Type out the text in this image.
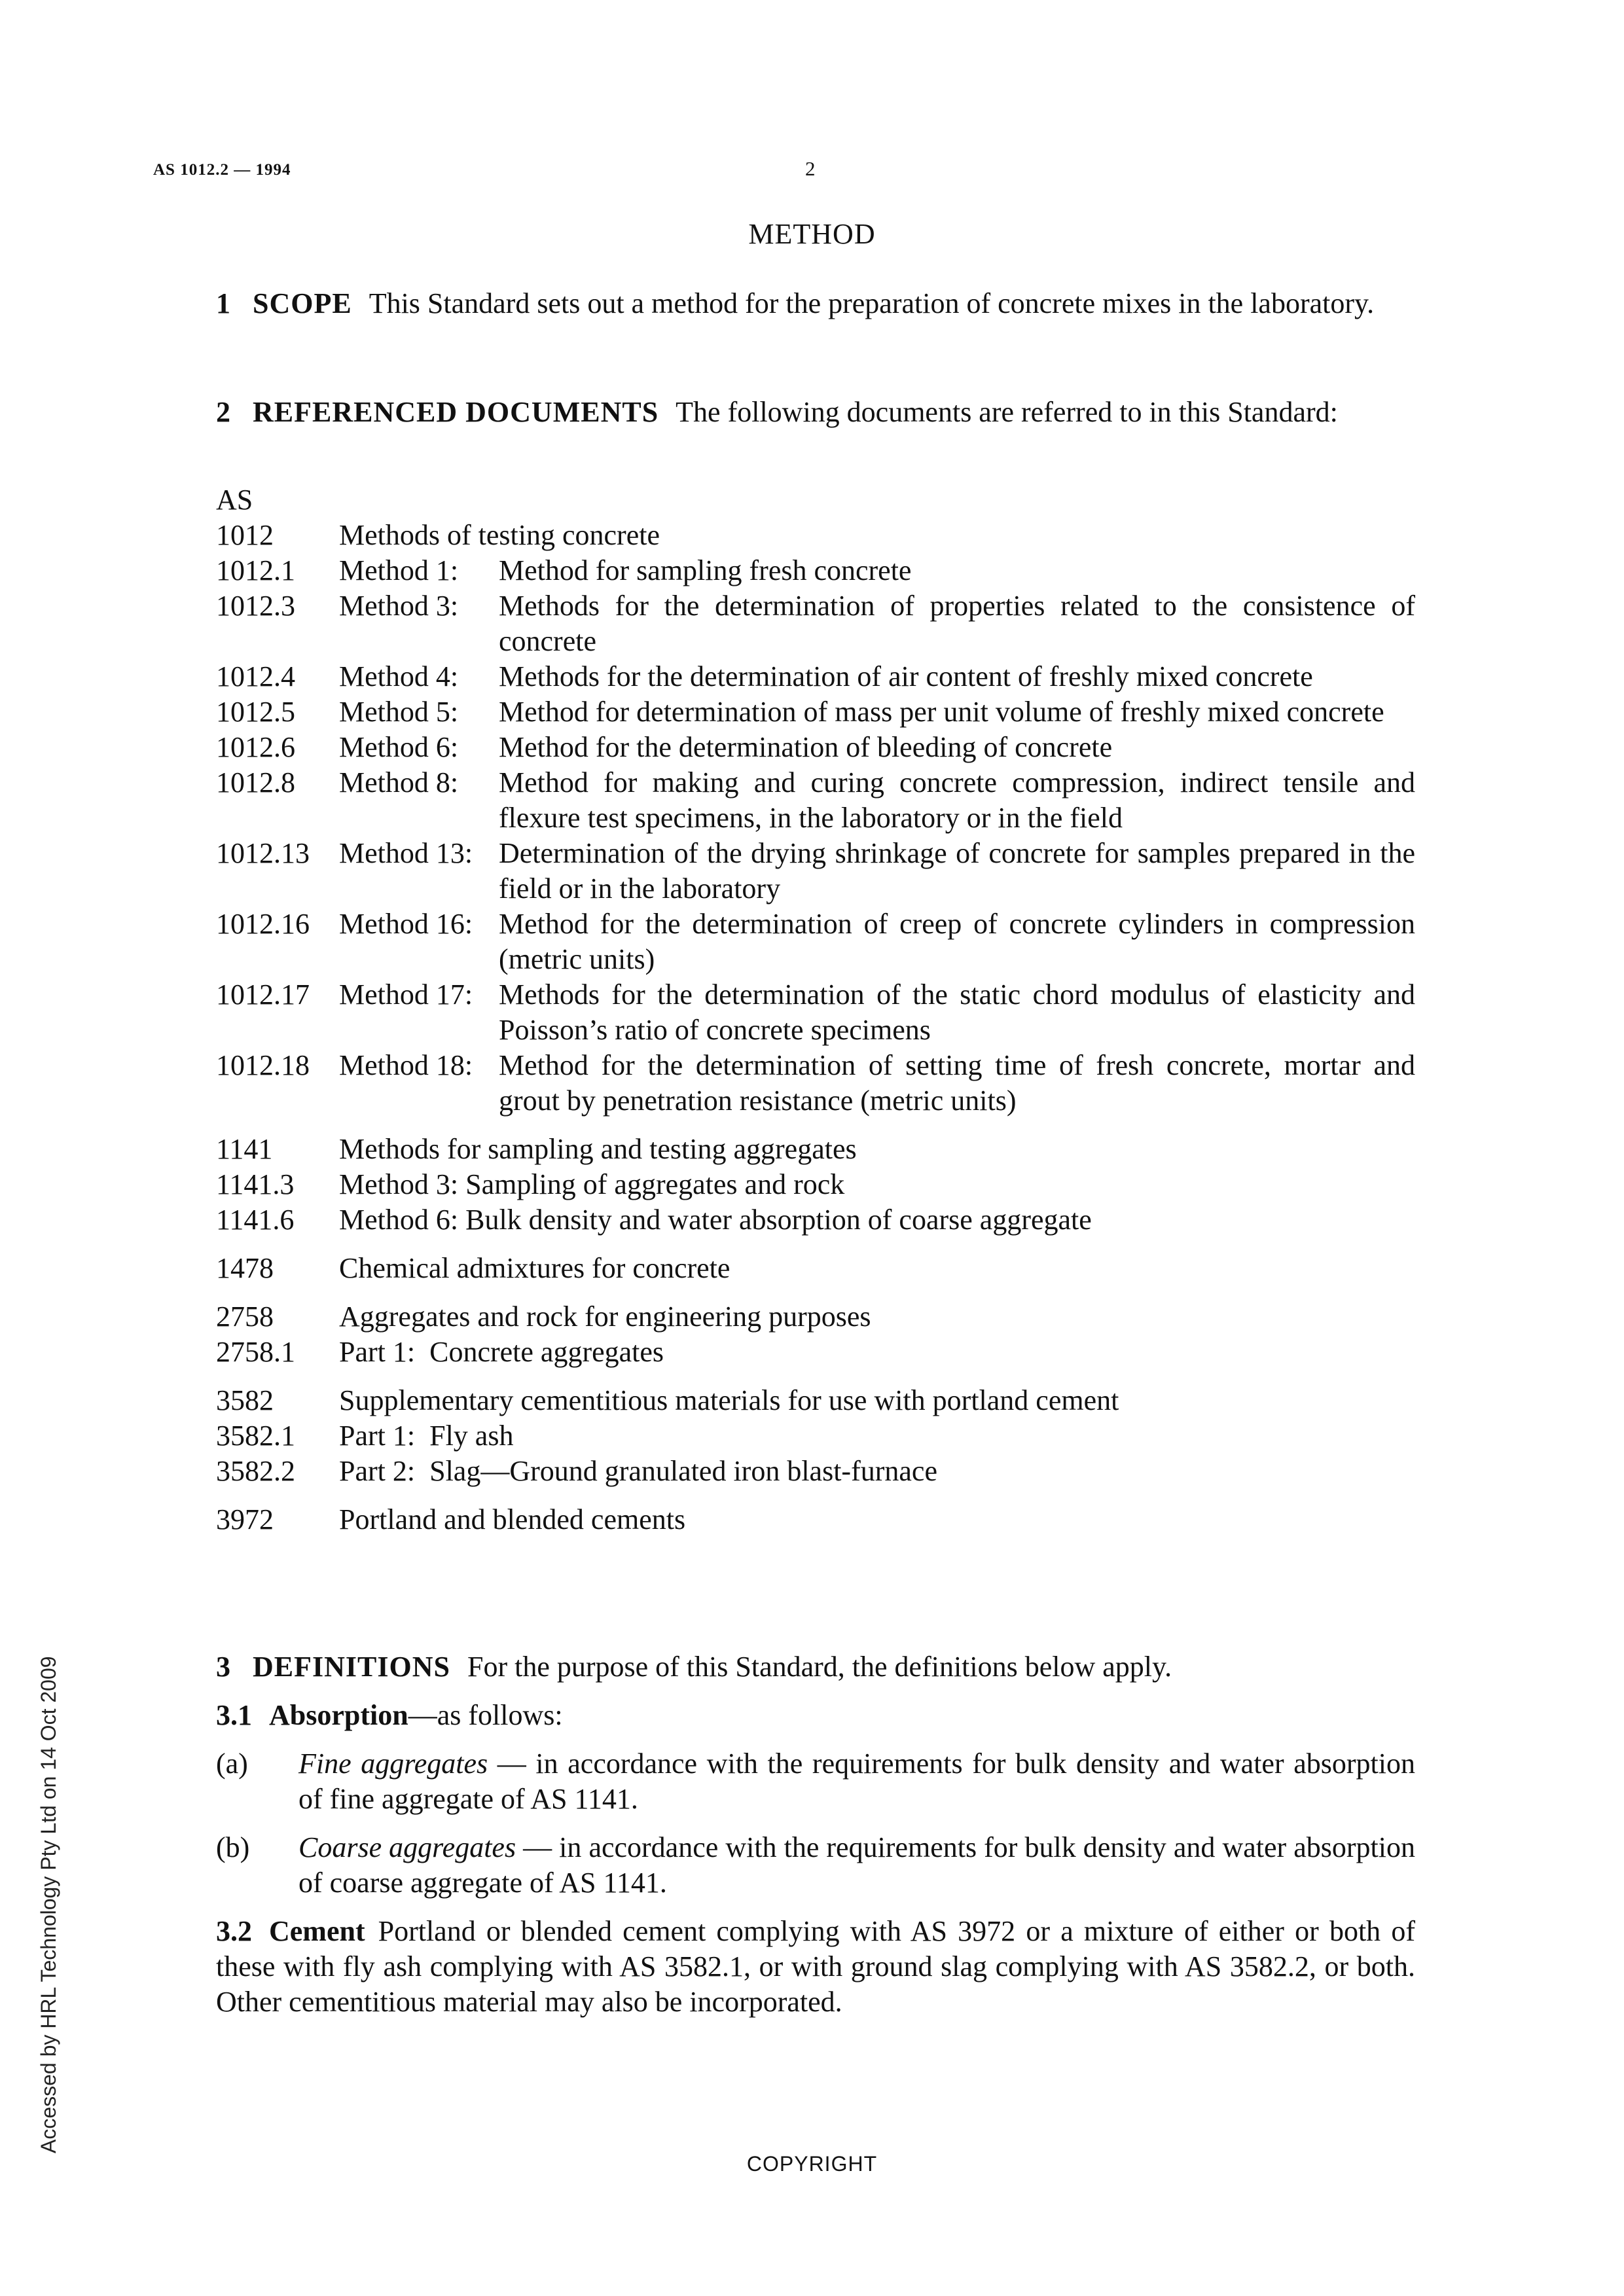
AS 1012.2 — 1994	2
METHOD
1 SCOPE This Standard sets out a method for the preparation of concrete mixes in the laboratory.
2 REFERENCED DOCUMENTS The following documents are referred to in this Standard:
AS
1012	Methods of testing concrete
1012.1	Method 1:	Method for sampling fresh concrete
1012.3	Method 3:	Methods for the determination of properties related to the consistence of concrete
1012.4	Method 4:	Methods for the determination of air content of freshly mixed concrete
1012.5	Method 5:	Method for determination of mass per unit volume of freshly mixed concrete
1012.6	Method 6:	Method for the determination of bleeding of concrete
1012.8	Method 8:	Method for making and curing concrete compression, indirect tensile and flexure test specimens, in the laboratory or in the field
1012.13	Method 13: Determination of the drying shrinkage of concrete for samples prepared in the field or in the laboratory
1012.16	Method 16: Method for the determination of creep of concrete cylinders in compression (metric units)
1012.17	Method 17: Methods for the determination of the static chord modulus of elasticity and Poisson’s ratio of concrete specimens
1012.18	Method 18: Method for the determination of setting time of fresh concrete, mortar and grout by penetration resistance (metric units)
1141	Methods for sampling and testing aggregates
1141.3	Method 3: Sampling of aggregates and rock
1141.6	Method 6: Bulk density and water absorption of coarse aggregate
1478	Chemical admixtures for concrete
2758	Aggregates and rock for engineering purposes
2758.1	Part 1:  Concrete aggregates
3582	Supplementary cementitious materials for use with portland cement
3582.1	Part 1:  Fly ash
3582.2	Part 2:  Slag—Ground granulated iron blast-furnace
3972	Portland and blended cements
3 DEFINITIONS For the purpose of this Standard, the definitions below apply.
3.1 Absorption—as follows:
(a)	Fine aggregates — in accordance with the requirements for bulk density and water absorption of fine aggregate of AS 1141.
(b)	Coarse aggregates — in accordance with the requirements for bulk density and water absorption of coarse aggregate of AS 1141.
3.2 Cement Portland or blended cement complying with AS 3972 or a mixture of either or both of these with fly ash complying with AS 3582.1, or with ground slag complying with AS 3582.2, or both. Other cementitious material may also be incorporated.
COPYRIGHT
Accessed by HRL Technology Pty Ltd on 14 Oct 2009
